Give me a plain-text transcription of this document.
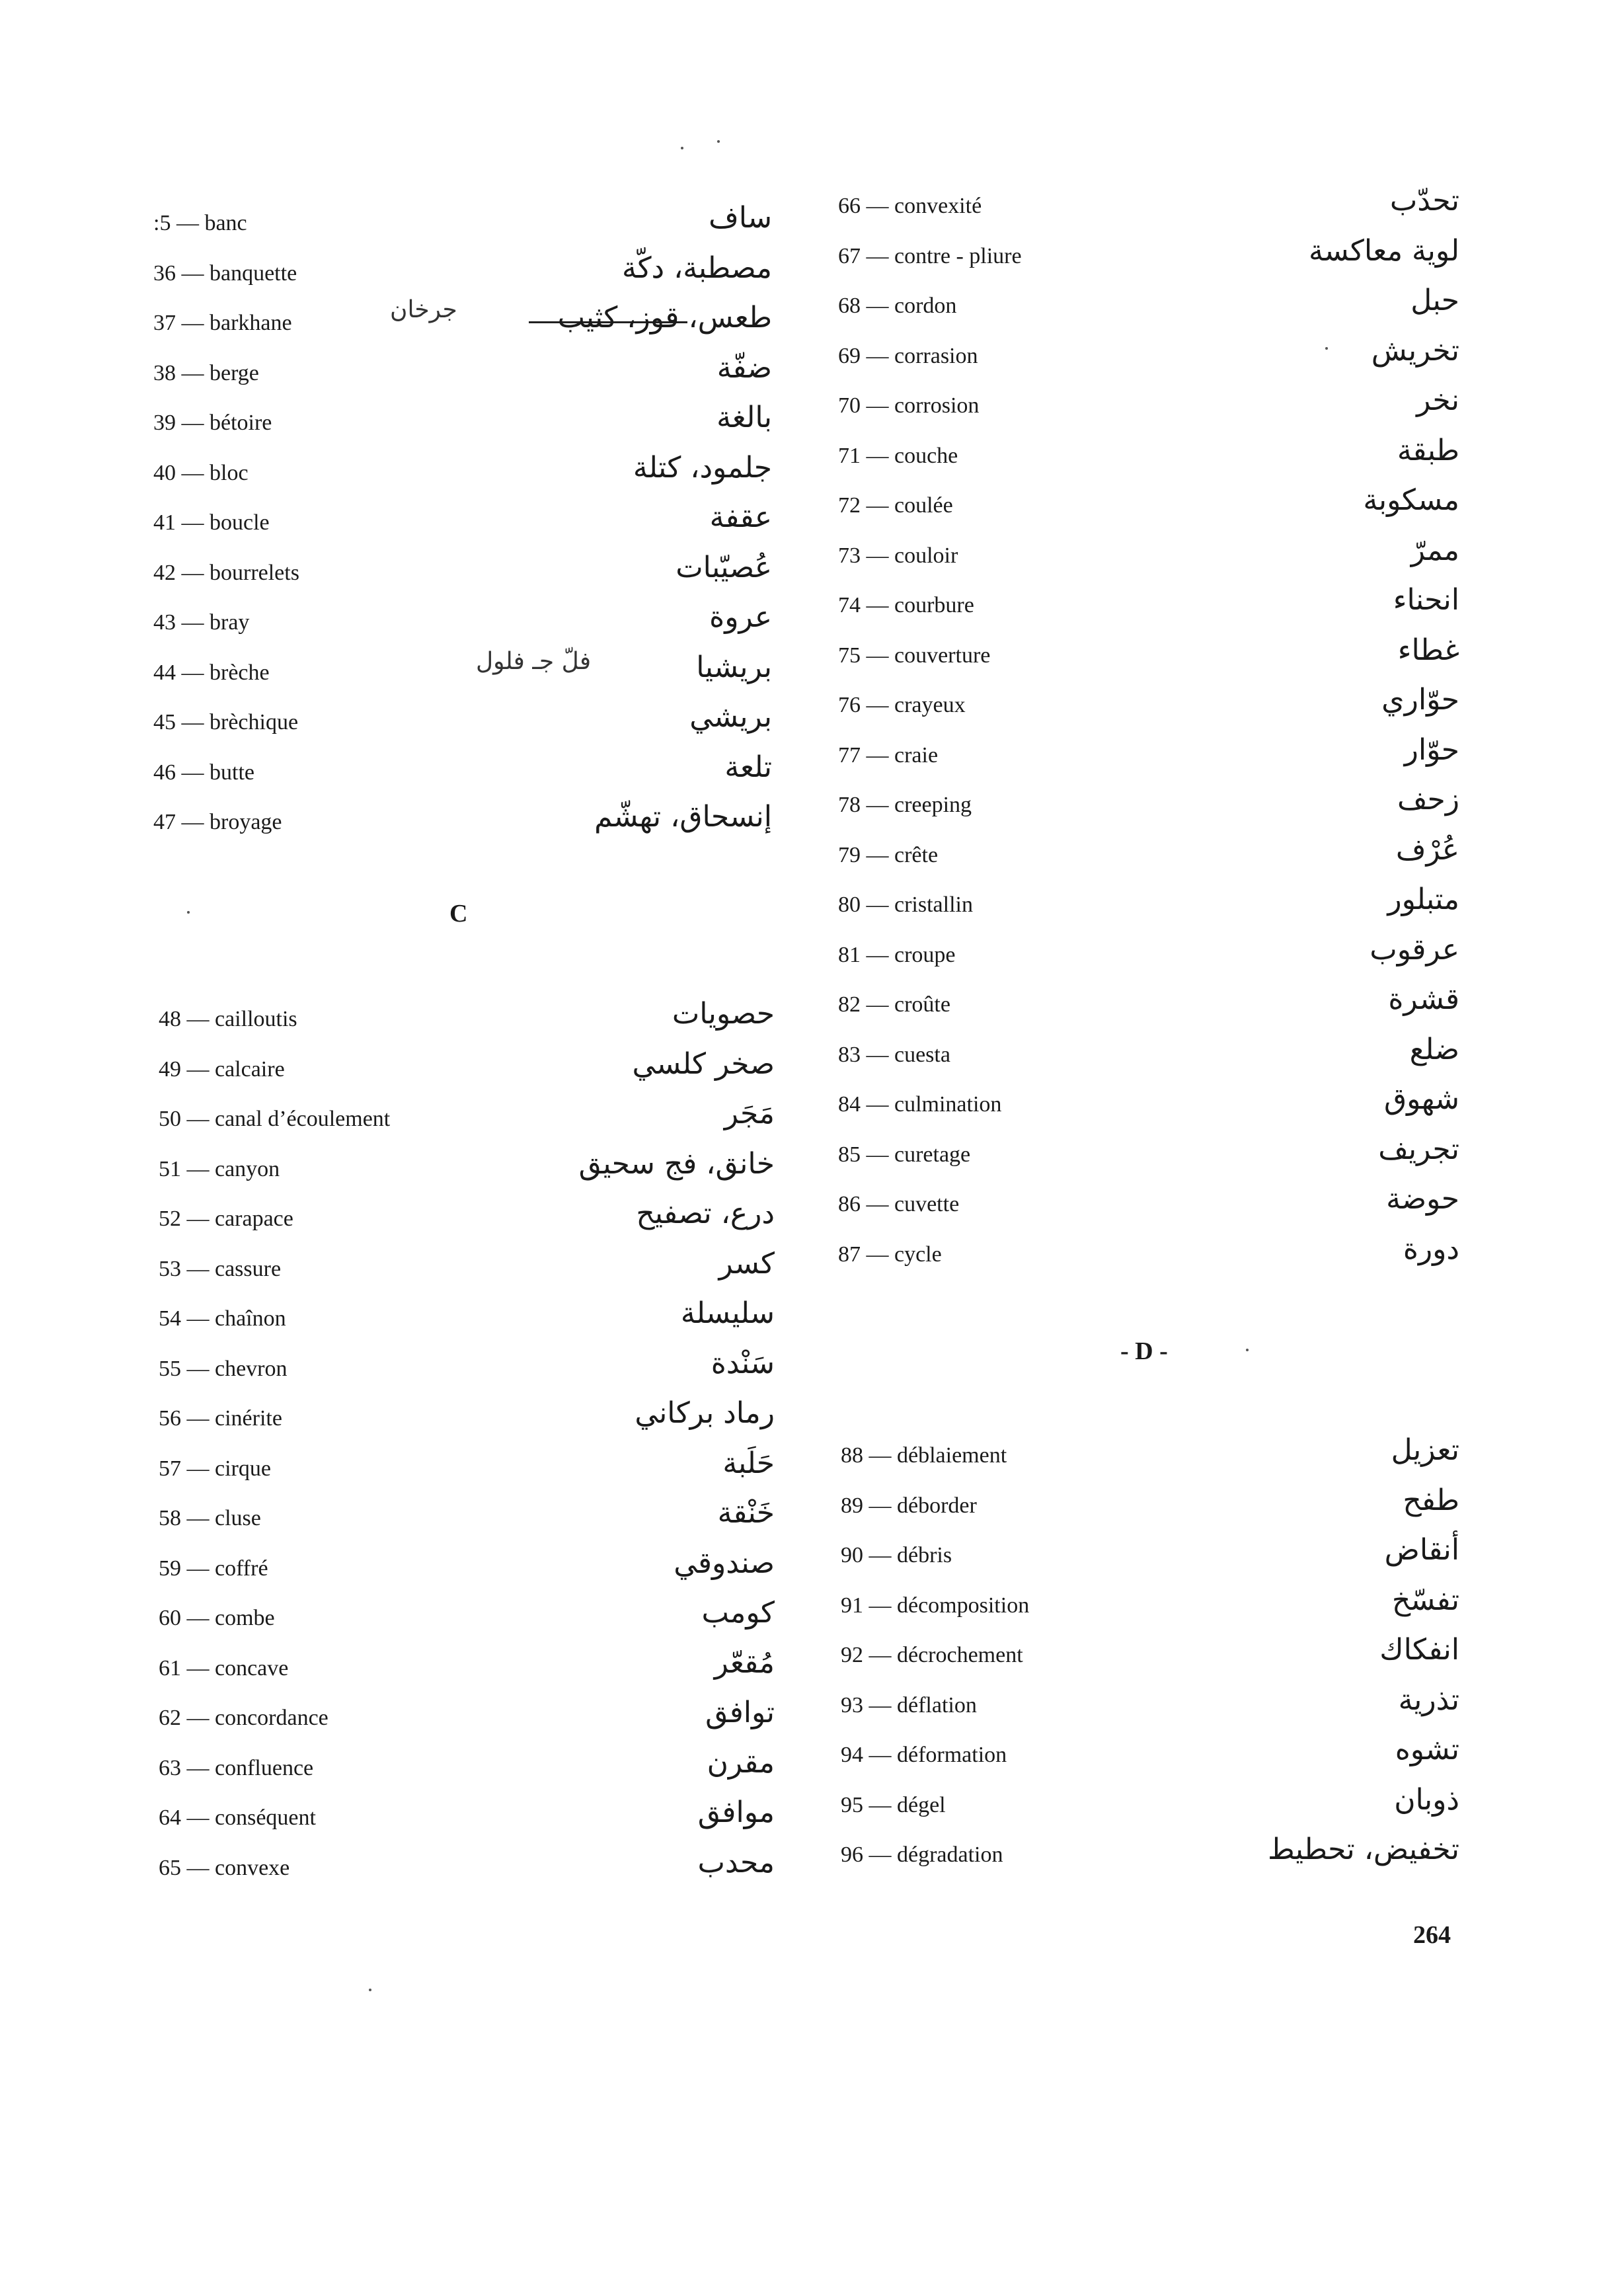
C
- D -
264
جرخان
فلّ جـ فلول
:5 — banc	ساف
36 — banquette	مصطبة، دكّة
37 — barkhane	طعس، قوز، كثيب
38 — berge	ضفّة
39 — bétoire	بالغة
40 — bloc	جلمود، كتلة
41 — boucle	عقفة
42 — bourrelets	عُصيّبات
43 — bray	عروة
44 — brèche	بريشيا
45 — brèchique	بريشي
46 — butte	تلعة
47 — broyage	إنسحاق، تهشّم
48 — cailloutis	حصويات
49 — calcaire	صخر كلسي
50 — canal d’écoulement	مَجَر
51 — canyon	خانق، فج سحيق
52 — carapace	درع، تصفيح
53 — cassure	كسر
54 — chaînon	سليسلة
55 — chevron	سَنْدة
56 — cinérite	رماد بركاني
57 — cirque	حَلَبة
58 — cluse	خَنْقة
59 — coffré	صندوقي
60 — combe	كومب
61 — concave	مُقعّر
62 — concordance	توافق
63 — confluence	مقرن
64 — conséquent	موافق
65 — convexe	محدب
66 — convexité	تحدّب
67 — contre - pliure	لوية معاكسة
68 — cordon	حبل
69 — corrasion	تخريش
70 — corrosion	نخر
71 — couche	طبقة
72 — coulée	مسكوبة
73 — couloir	ممرّ
74 — courbure	انحناء
75 — couverture	غطاء
76 — crayeux	حوّاري
77 — craie	حوّار
78 — creeping	زحف
79 — crête	عُرْف
80 — cristallin	متبلور
81 — croupe	عرقوب
82 — croûte	قشرة
83 — cuesta	ضلع
84 — culmination	شهوق
85 — curetage	تجريف
86 — cuvette	حوضة
87 — cycle	دورة
88 — déblaiement	تعزيل
89 — déborder	طفح
90 — débris	أنقاض
91 — décomposition	تفسّخ
92 — décrochement	انفكاك
93 — déflation	تذرية
94 — déformation	تشوه
95 — dégel	ذوبان
96 — dégradation	تخفيض، تحطيط
